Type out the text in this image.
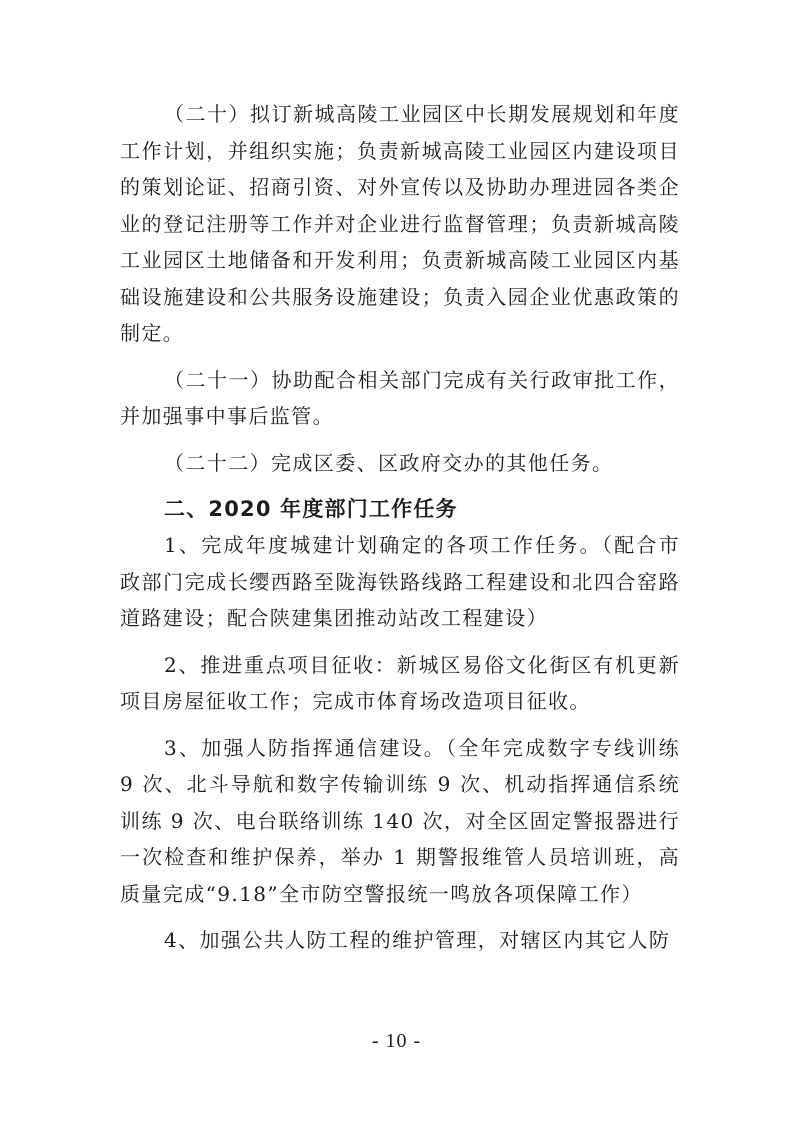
（二十）拟订新城高陵工业园区中长期发展规划和年度工作计划，并组织实施；负责新城高陵工业园区内建设项目的策划论证、招商引资、对外宣传以及协助办理进园各类企业的登记注册等工作并对企业进行监督管理；负责新城高陵工业园区土地储备和开发利用；负责新城高陵工业园区内基础设施建设和公共服务设施建设；负责入园企业优惠政策的制定。

（二十一）协助配合相关部门完成有关行政审批工作，并加强事中事后监管。

（二十二）完成区委、区政府交办的其他任务。

二、2020 年度部门工作任务

1、完成年度城建计划确定的各项工作任务。（配合市政部门完成长缨西路至陇海铁路线路工程建设和北四合窑路道路建设；配合陕建集团推动站改工程建设）

2、推进重点项目征收：新城区易俗文化街区有机更新项目房屋征收工作；完成市体育场改造项目征收。

3、加强人防指挥通信建设。（全年完成数字专线训练 9 次、北斗导航和数字传输训练 9 次、机动指挥通信系统训练 9 次、电台联络训练 140 次，对全区固定警报器进行一次检查和维护保养，举办 1 期警报维管人员培训班，高质量完成“9.18”全市防空警报统一鸣放各项保障工作）

4、加强公共人防工程的维护管理，对辖区内其它人防

- 10 -
